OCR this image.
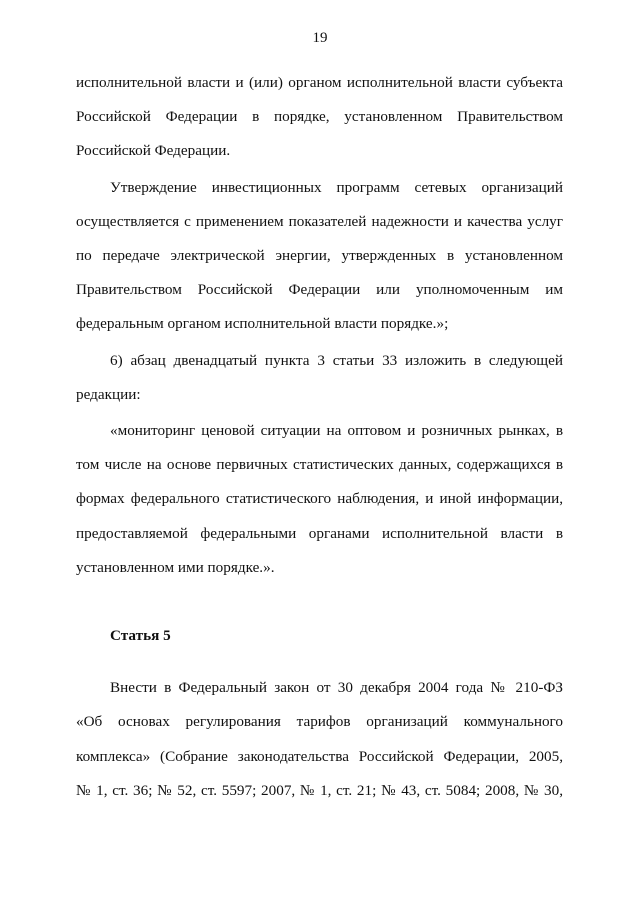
19
исполнительной власти и (или) органом исполнительной власти субъекта
Российской Федерации в порядке, установленном Правительством
Российской Федерации.
Утверждение инвестиционных программ сетевых организаций
осуществляется с применением показателей надежности и качества услуг
по передаче электрической энергии, утвержденных в установленном
Правительством Российской Федерации или уполномоченным им
федеральным органом исполнительной власти порядке.»;
6) абзац двенадцатый пункта 3 статьи 33 изложить в следующей
редакции:
«мониторинг ценовой ситуации на оптовом и розничных рынках, в
том числе на основе первичных статистических данных, содержащихся в
формах федерального статистического наблюдения, и иной информации,
предоставляемой федеральными органами исполнительной власти в
установленном ими порядке.».
Статья 5
Внести в Федеральный закон от 30 декабря 2004 года № 210-ФЗ
«Об основах регулирования тарифов организаций коммунального
комплекса» (Собрание законодательства Российской Федерации, 2005,
№ 1, ст. 36; № 52, ст. 5597; 2007, № 1, ст. 21; № 43, ст. 5084; 2008, № 30,
